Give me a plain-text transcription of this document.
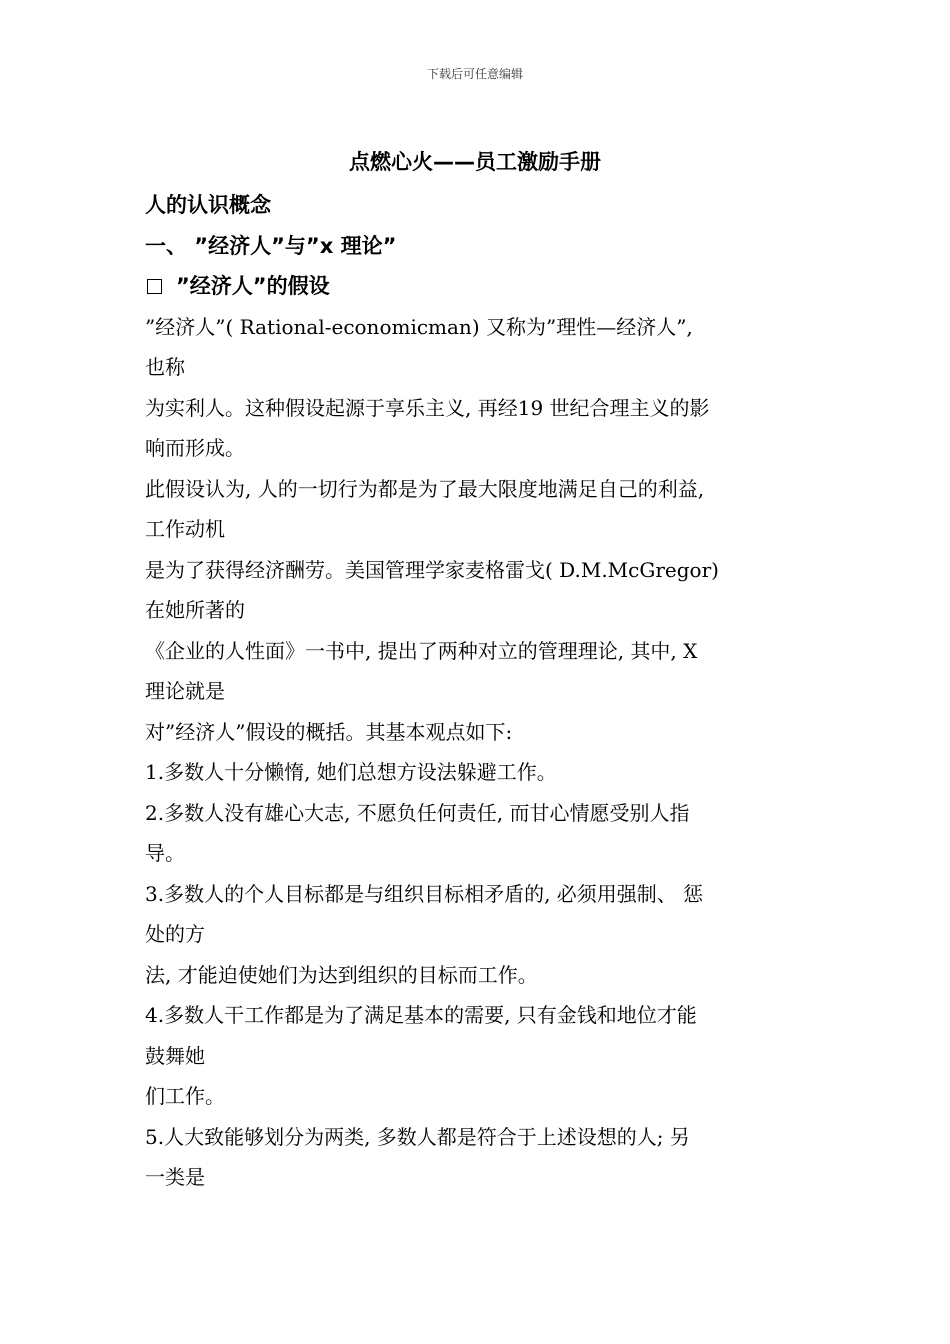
下载后可任意编辑
点燃心火——员工激励手册
人的认识概念
一、 ”经济人”与”x 理论”
”经济人”的假设
”经济人”( Rational-economicman) 又称为”理性—经济人”,
也称
为实利人。这种假设起源于享乐主义, 再经19 世纪合理主义的影
响而形成。
此假设认为, 人的一切行为都是为了最大限度地满足自己的利益,
工作动机
是为了获得经济酬劳。美国管理学家麦格雷戈( D.M.McGregor)
在她所著的
《企业的人性面》一书中, 提出了两种对立的管理理论, 其中, X
理论就是
对”经济人”假设的概括。其基本观点如下:
1.多数人十分懒惰, 她们总想方设法躲避工作。
2.多数人没有雄心大志, 不愿负任何责任, 而甘心情愿受别人指
导。
3.多数人的个人目标都是与组织目标相矛盾的, 必须用强制、 惩
处的方
法, 才能迫使她们为达到组织的目标而工作。
4.多数人干工作都是为了满足基本的需要, 只有金钱和地位才能
鼓舞她
们工作。
5.人大致能够划分为两类, 多数人都是符合于上述设想的人; 另
一类是
